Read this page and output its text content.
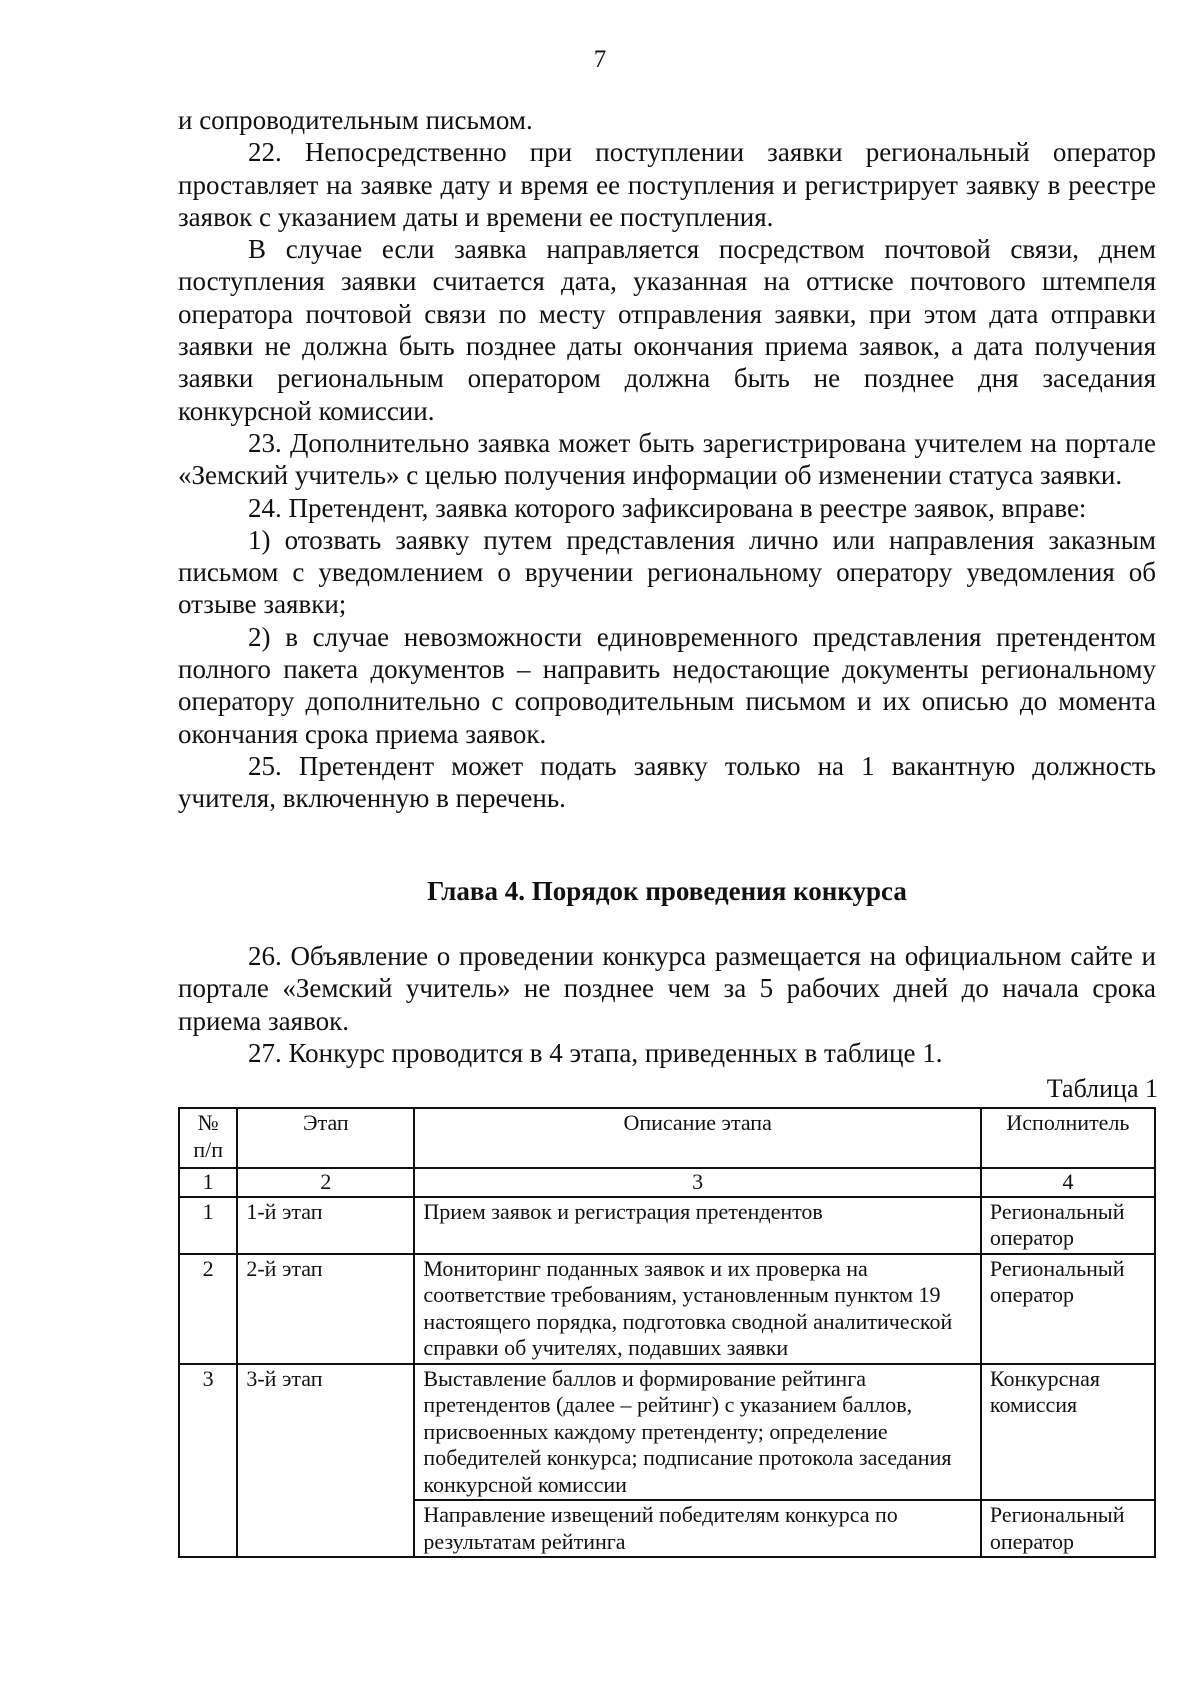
7

и сопроводительным письмом.

22. Непосредственно при поступлении заявки региональный оператор проставляет на заявке дату и время ее поступления и регистрирует заявку в реестре заявок с указанием даты и времени ее поступления.

В случае если заявка направляется посредством почтовой связи, днем поступления заявки считается дата, указанная на оттиске почтового штемпеля оператора почтовой связи по месту отправления заявки, при этом дата отправки заявки не должна быть позднее даты окончания приема заявок, а дата получения заявки региональным оператором должна быть не позднее дня заседания конкурсной комиссии.

23. Дополнительно заявка может быть зарегистрирована учителем на портале «Земский учитель» с целью получения информации об изменении статуса заявки.

24. Претендент, заявка которого зафиксирована в реестре заявок, вправе:

1) отозвать заявку путем представления лично или направления заказным письмом с уведомлением о вручении региональному оператору уведомления об отзыве заявки;

2) в случае невозможности единовременного представления претендентом полного пакета документов – направить недостающие документы региональному оператору дополнительно с сопроводительным письмом и их описью до момента окончания срока приема заявок.

25. Претендент может подать заявку только на 1 вакантную должность учителя, включенную в перечень.

Глава 4. Порядок проведения конкурса

26. Объявление о проведении конкурса размещается на официальном сайте и портале «Земский учитель» не позднее чем за 5 рабочих дней до начала срока приема заявок.

27. Конкурс проводится в 4 этапа, приведенных в таблице 1.

Таблица 1
№ п/п	Этап	Описание этапа	Исполнитель
1	2	3	4
1	1-й этап	Прием заявок и регистрация претендентов	Региональный оператор
2	2-й этап	Мониторинг поданных заявок и их проверка на соответствие требованиям, установленным пунктом 19 настоящего порядка, подготовка сводной аналитической справки об учителях, подавших заявки	Региональный оператор
3	3-й этап	Выставление баллов и формирование рейтинга претендентов (далее – рейтинг) с указанием баллов, присвоенных каждому претенденту; определение победителей конкурса; подписание протокола заседания конкурсной комиссии	Конкурсная комиссия
		Направление извещений победителям конкурса по результатам рейтинга	Региональный оператор
